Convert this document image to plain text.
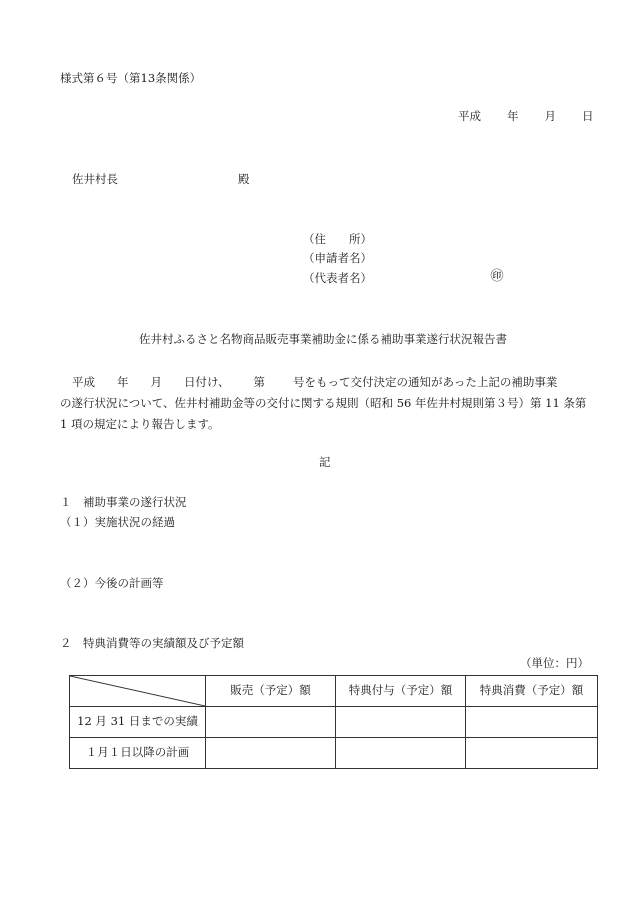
様式第６号（第13条関係）
平成 年 月 日
佐井村長	殿
（住　　所）
（申請者名）
（代表者名）	㊞
佐井村ふるさと名物商品販売事業補助金に係る補助事業遂行状況報告書
平成 年 月 日付け、 第 号をもって交付決定の通知があった上記の補助事業
の遂行状況について、佐井村補助金等の交付に関する規則（昭和 56 年佐井村規則第３号）第 11 条第
1 項の規定により報告します。
記
１　補助事業の遂行状況
（１）実施状況の経過
（２）今後の計画等
２　特典消費等の実績額及び予定額
（単位：円）
	販売（予定）額	特典付与（予定）額	特典消費（予定）額
12 月 31 日までの実績			
１月１日以降の計画			
